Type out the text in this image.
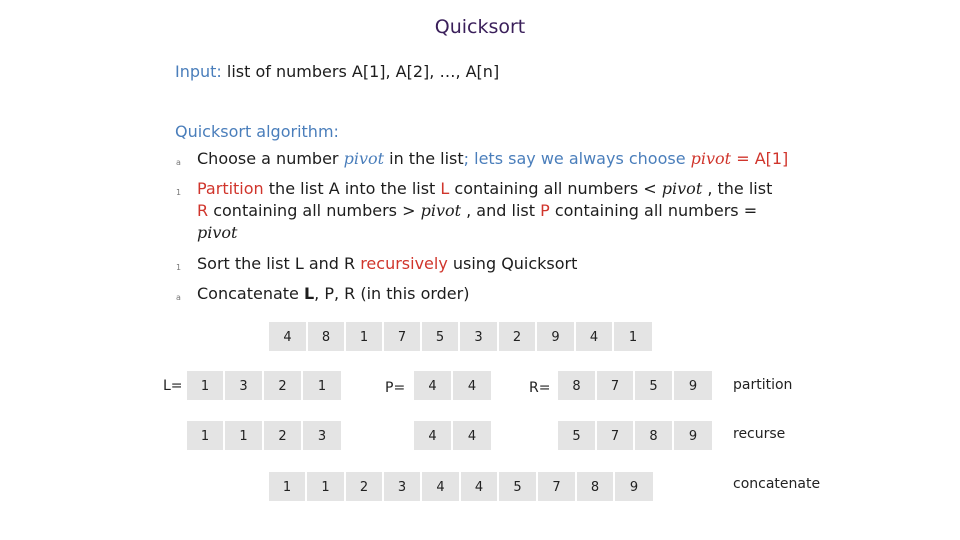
Quicksort
Input: list of numbers A[1], A[2], …, A[n]
Quicksort algorithm:
a
1
1
a
Choose a number pivot in the list; lets say we always choose pivot = A[1]
Partition the list A into the list L containing all numbers < pivot , the list
R containing all numbers > pivot , and list P containing all numbers =
pivot
Sort the list L and R recursively using Quicksort
Concatenate L, P, R (in this order)
4	8	1	7	5	3	2	9	4	1
L=	1	3	2	1	P=	4	4	R=	8	7	5	9	partition
1	1	2	3	4	4	5	7	8	9	recurse
1	1	2	3	4	4	5	7	8	9	concatenate
